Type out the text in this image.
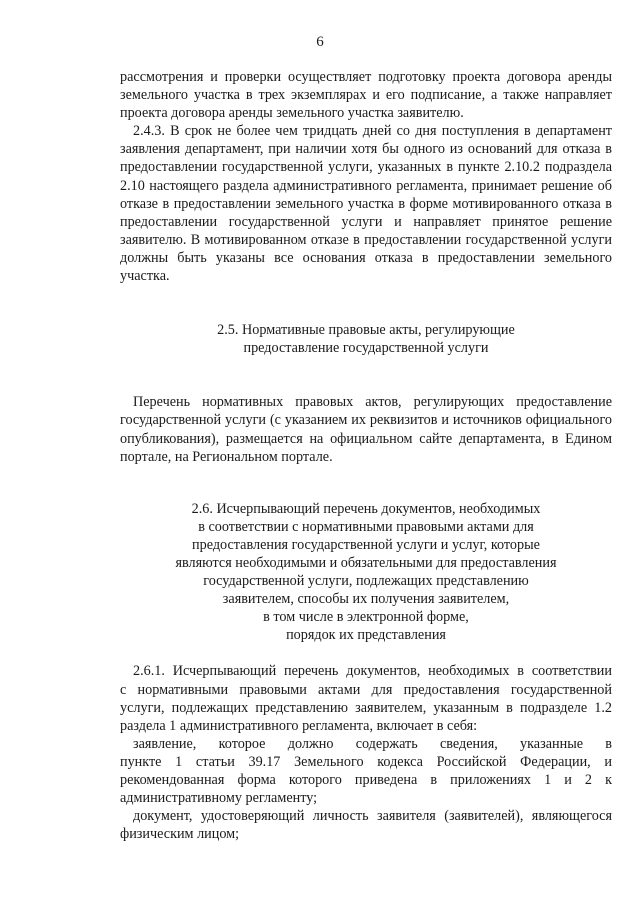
6

рассмотрения и проверки осуществляет подготовку проекта договора аренды

земельного участка в трех экземплярах и его подписание, а также направляет

проекта договора аренды земельного участка заявителю.

2.4.3. В срок не более чем тридцать дней со дня поступления в департамент

заявления департамент, при наличии хотя бы одного из оснований для отказа в

предоставлении государственной услуги, указанных в пункте 2.10.2 подраздела

2.10 настоящего раздела административного регламента, принимает решение об

отказе в предоставлении земельного участка в форме мотивированного отказа в

предоставлении государственной услуги и направляет принятое решение

заявителю. В мотивированном отказе в предоставлении государственной услуги

должны быть указаны все основания отказа в предоставлении земельного

участка.

2.5. Нормативные правовые акты, регулирующие

предоставление государственной услуги

Перечень нормативных правовых актов, регулирующих предоставление

государственной услуги (с указанием их реквизитов и источников официального

опубликования), размещается на официальном сайте департамента, в Едином

портале, на Региональном портале.

2.6. Исчерпывающий перечень документов, необходимых

в соответствии с нормативными правовыми актами для

предоставления государственной услуги и услуг, которые

являются необходимыми и обязательными для предоставления

государственной услуги, подлежащих представлению

заявителем, способы их получения заявителем,

в том числе в электронной форме,

порядок их представления

2.6.1. Исчерпывающий перечень документов, необходимых в соответствии

с нормативными правовыми актами для предоставления государственной

услуги, подлежащих представлению заявителем, указанным в подразделе 1.2

раздела 1 административного регламента, включает в себя:

заявление, которое должно содержать сведения, указанные в

пункте 1 статьи 39.17 Земельного кодекса Российской Федерации, и

рекомендованная форма которого приведена в приложениях 1 и 2 к

административному регламенту;

документ, удостоверяющий личность заявителя (заявителей), являющегося

физическим лицом;
